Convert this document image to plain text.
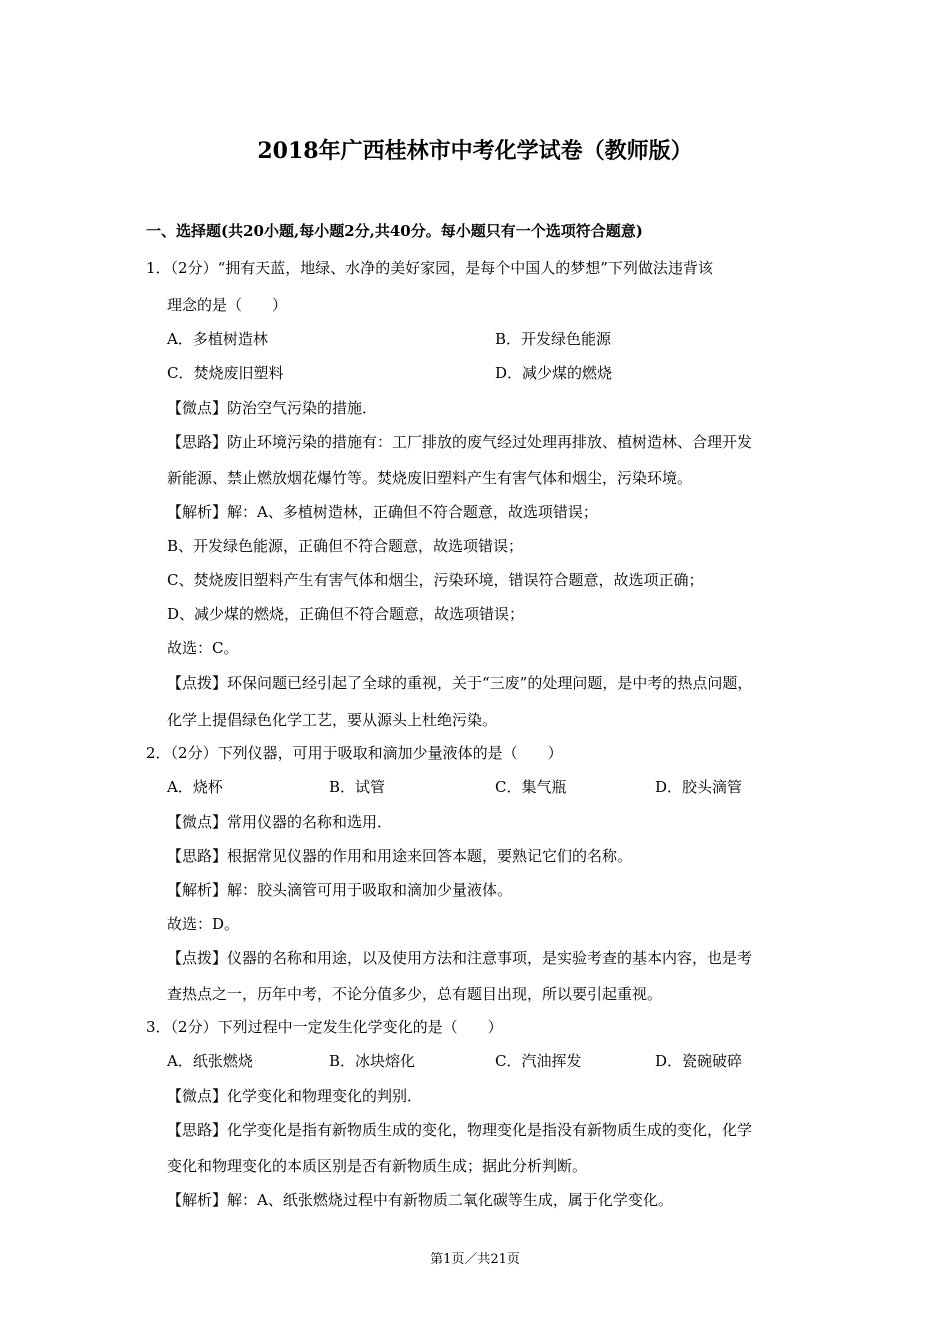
2018年广西桂林市中考化学试卷（教师版）
一、选择题(共20小题,每小题2分,共40分。每小题只有一个选项符合题意)
1．（2分）“拥有天蓝，地绿、水净的美好家园，是每个中国人的梦想”下列做法违背该
理念的是（　　）
A．多植树造林	B．开发绿色能源
C．焚烧废旧塑料	D．减少煤的燃烧
【微点】防治空气污染的措施．
【思路】防止环境污染的措施有：工厂排放的废气经过处理再排放、植树造林、合理开发
新能源、禁止燃放烟花爆竹等。焚烧废旧塑料产生有害气体和烟尘，污染环境。
【解析】解：A、多植树造林，正确但不符合题意，故选项错误；
B、开发绿色能源，正确但不符合题意，故选项错误；
C、焚烧废旧塑料产生有害气体和烟尘，污染环境，错误符合题意，故选项正确；
D、减少煤的燃烧，正确但不符合题意，故选项错误；
故选：C。
【点拨】环保问题已经引起了全球的重视，关于“三废”的处理问题，是中考的热点问题，
化学上提倡绿色化学工艺，要从源头上杜绝污染。
2．（2分）下列仪器，可用于吸取和滴加少量液体的是（　　）
A．烧杯	B．试管	C．集气瓶	D．胶头滴管
【微点】常用仪器的名称和选用．
【思路】根据常见仪器的作用和用途来回答本题，要熟记它们的名称。
【解析】解：胶头滴管可用于吸取和滴加少量液体。
故选：D。
【点拨】仪器的名称和用途，以及使用方法和注意事项，是实验考查的基本内容，也是考
查热点之一，历年中考，不论分值多少，总有题目出现，所以要引起重视。
3．（2分）下列过程中一定发生化学变化的是（　　）
A．纸张燃烧	B．冰块熔化	C．汽油挥发	D．瓷碗破碎
【微点】化学变化和物理变化的判别．
【思路】化学变化是指有新物质生成的变化，物理变化是指没有新物质生成的变化，化学
变化和物理变化的本质区别是否有新物质生成；据此分析判断。
【解析】解：A、纸张燃烧过程中有新物质二氧化碳等生成，属于化学变化。
第1页／共21页
